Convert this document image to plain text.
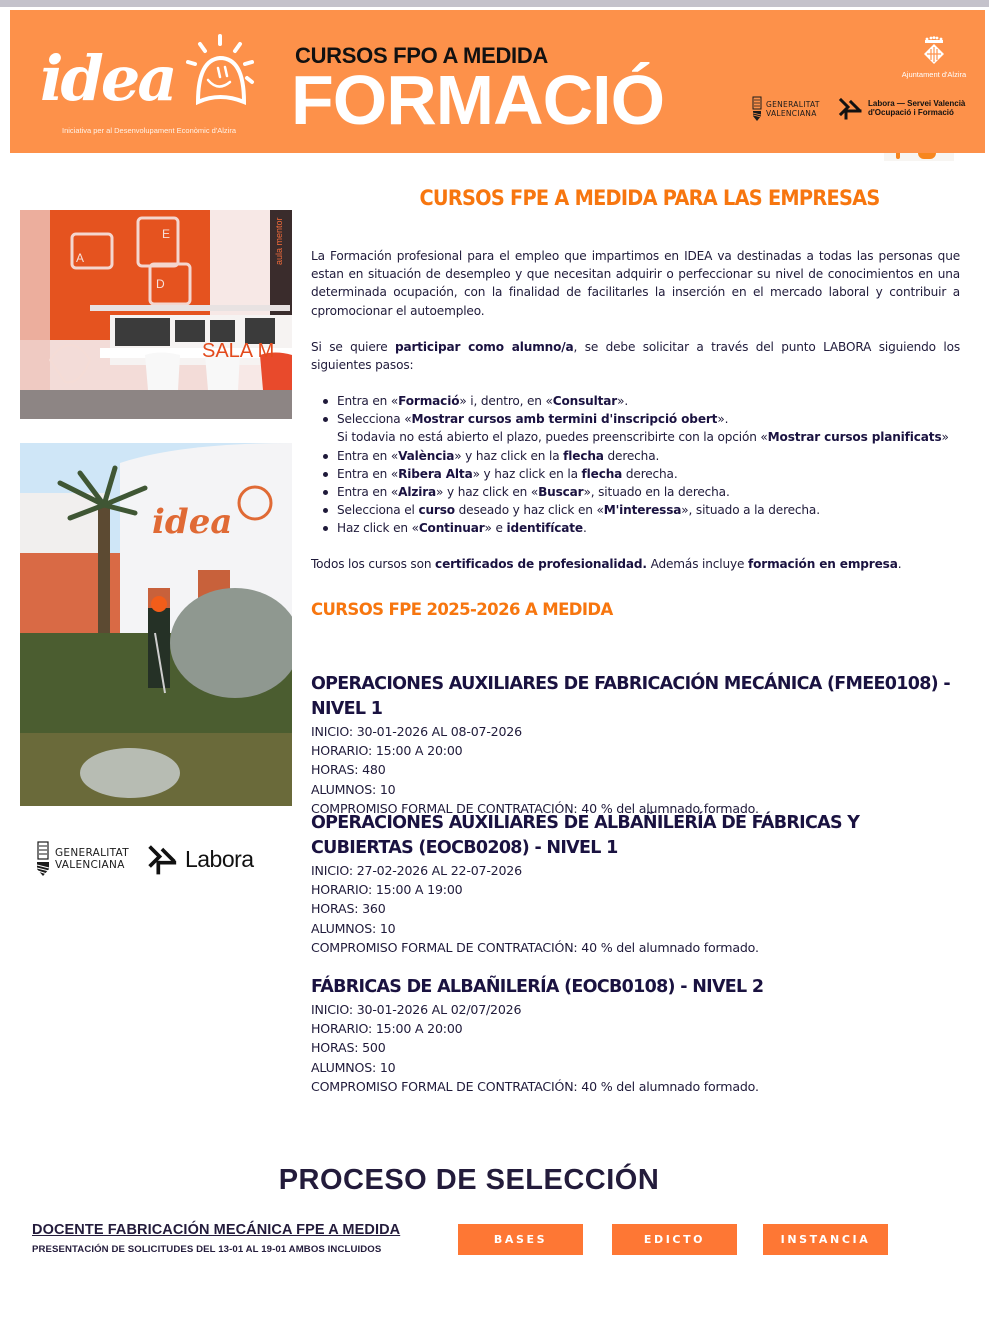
idea
Iniciativa per al Desenvolupament Econòmic d'Alzira
CURSOS FPO A MEDIDA
FORMACIÓ	Ajuntament d'Alzira
GENERALITAT
VALENCIANA
Labora — Servei Valencià
d'Ocupació i Formació
aula mentor
A
E
D
SALA M
idea
GENERALITAT
VALENCIANA	Labora
CURSOS FPE A MEDIDA PARA LAS EMPRESAS

La Formación profesional para el empleo que impartimos en IDEA va destinadas a todas las personas que estan en situación de desempleo y que necesitan adquirir o perfeccionar su nivel de conocimientos en una determinada ocupación, con la finalidad de facilitarles la inserción en el mercado laboral y contribuir a cpromocionar el autoempleo.

Si se quiere participar como alumno/a, se debe solicitar a través del punto LABORA siguiendo los siguientes pasos:

Entra en «Formació» i, dentro, en «Consultar».
Selecciona «Mostrar cursos amb termini d'inscripció obert».
Si todavia no está abierto el plazo, puedes preenscribirte con la opción «Mostrar cursos planificats»
Entra en «València» y haz click en la flecha derecha.
Entra en «Ribera Alta» y haz click en la flecha derecha.
Entra en «Alzira» y haz click en «Buscar», situado en la derecha.
Selecciona el curso deseado y haz click en «M'interessa», situado a la derecha.
Haz click en «Continuar» e identifícate.

Todos los cursos son certificados de profesionalidad. Además incluye formación en empresa.

CURSOS FPE 2025-2026 A MEDIDA
OPERACIONES AUXILIARES DE FABRICACIÓN MECÁNICA (FMEE0108) - NIVEL 1
INICIO: 30-01-2026 AL 08-07-2026
HORARIO: 15:00 A 20:00
HORAS: 480
ALUMNOS: 10
COMPROMISO FORMAL DE CONTRATACIÓN: 40 % del alumnado formado.
OPERACIONES AUXILIARES DE ALBAÑILERÍA DE FÁBRICAS Y CUBIERTAS (EOCB0208) - NIVEL 1
INICIO: 27-02-2026 AL 22-07-2026
HORARIO: 15:00 A 19:00
HORAS: 360
ALUMNOS: 10
COMPROMISO FORMAL DE CONTRATACIÓN: 40 % del alumnado formado.
FÁBRICAS DE ALBAÑILERÍA (EOCB0108) - NIVEL 2
INICIO: 30-01-2026 AL 02/07/2026
HORARIO: 15:00 A 20:00
HORAS: 500
ALUMNOS: 10
COMPROMISO FORMAL DE CONTRATACIÓN: 40 % del alumnado formado.
PROCESO DE SELECCIÓN
DOCENTE FABRICACIÓN MECÁNICA FPE A MEDIDA
PRESENTACIÓN DE SOLICITUDES DEL 13-01 AL 19-01 AMBOS INCLUIDOS
BASES	EDICTO	INSTANCIA
